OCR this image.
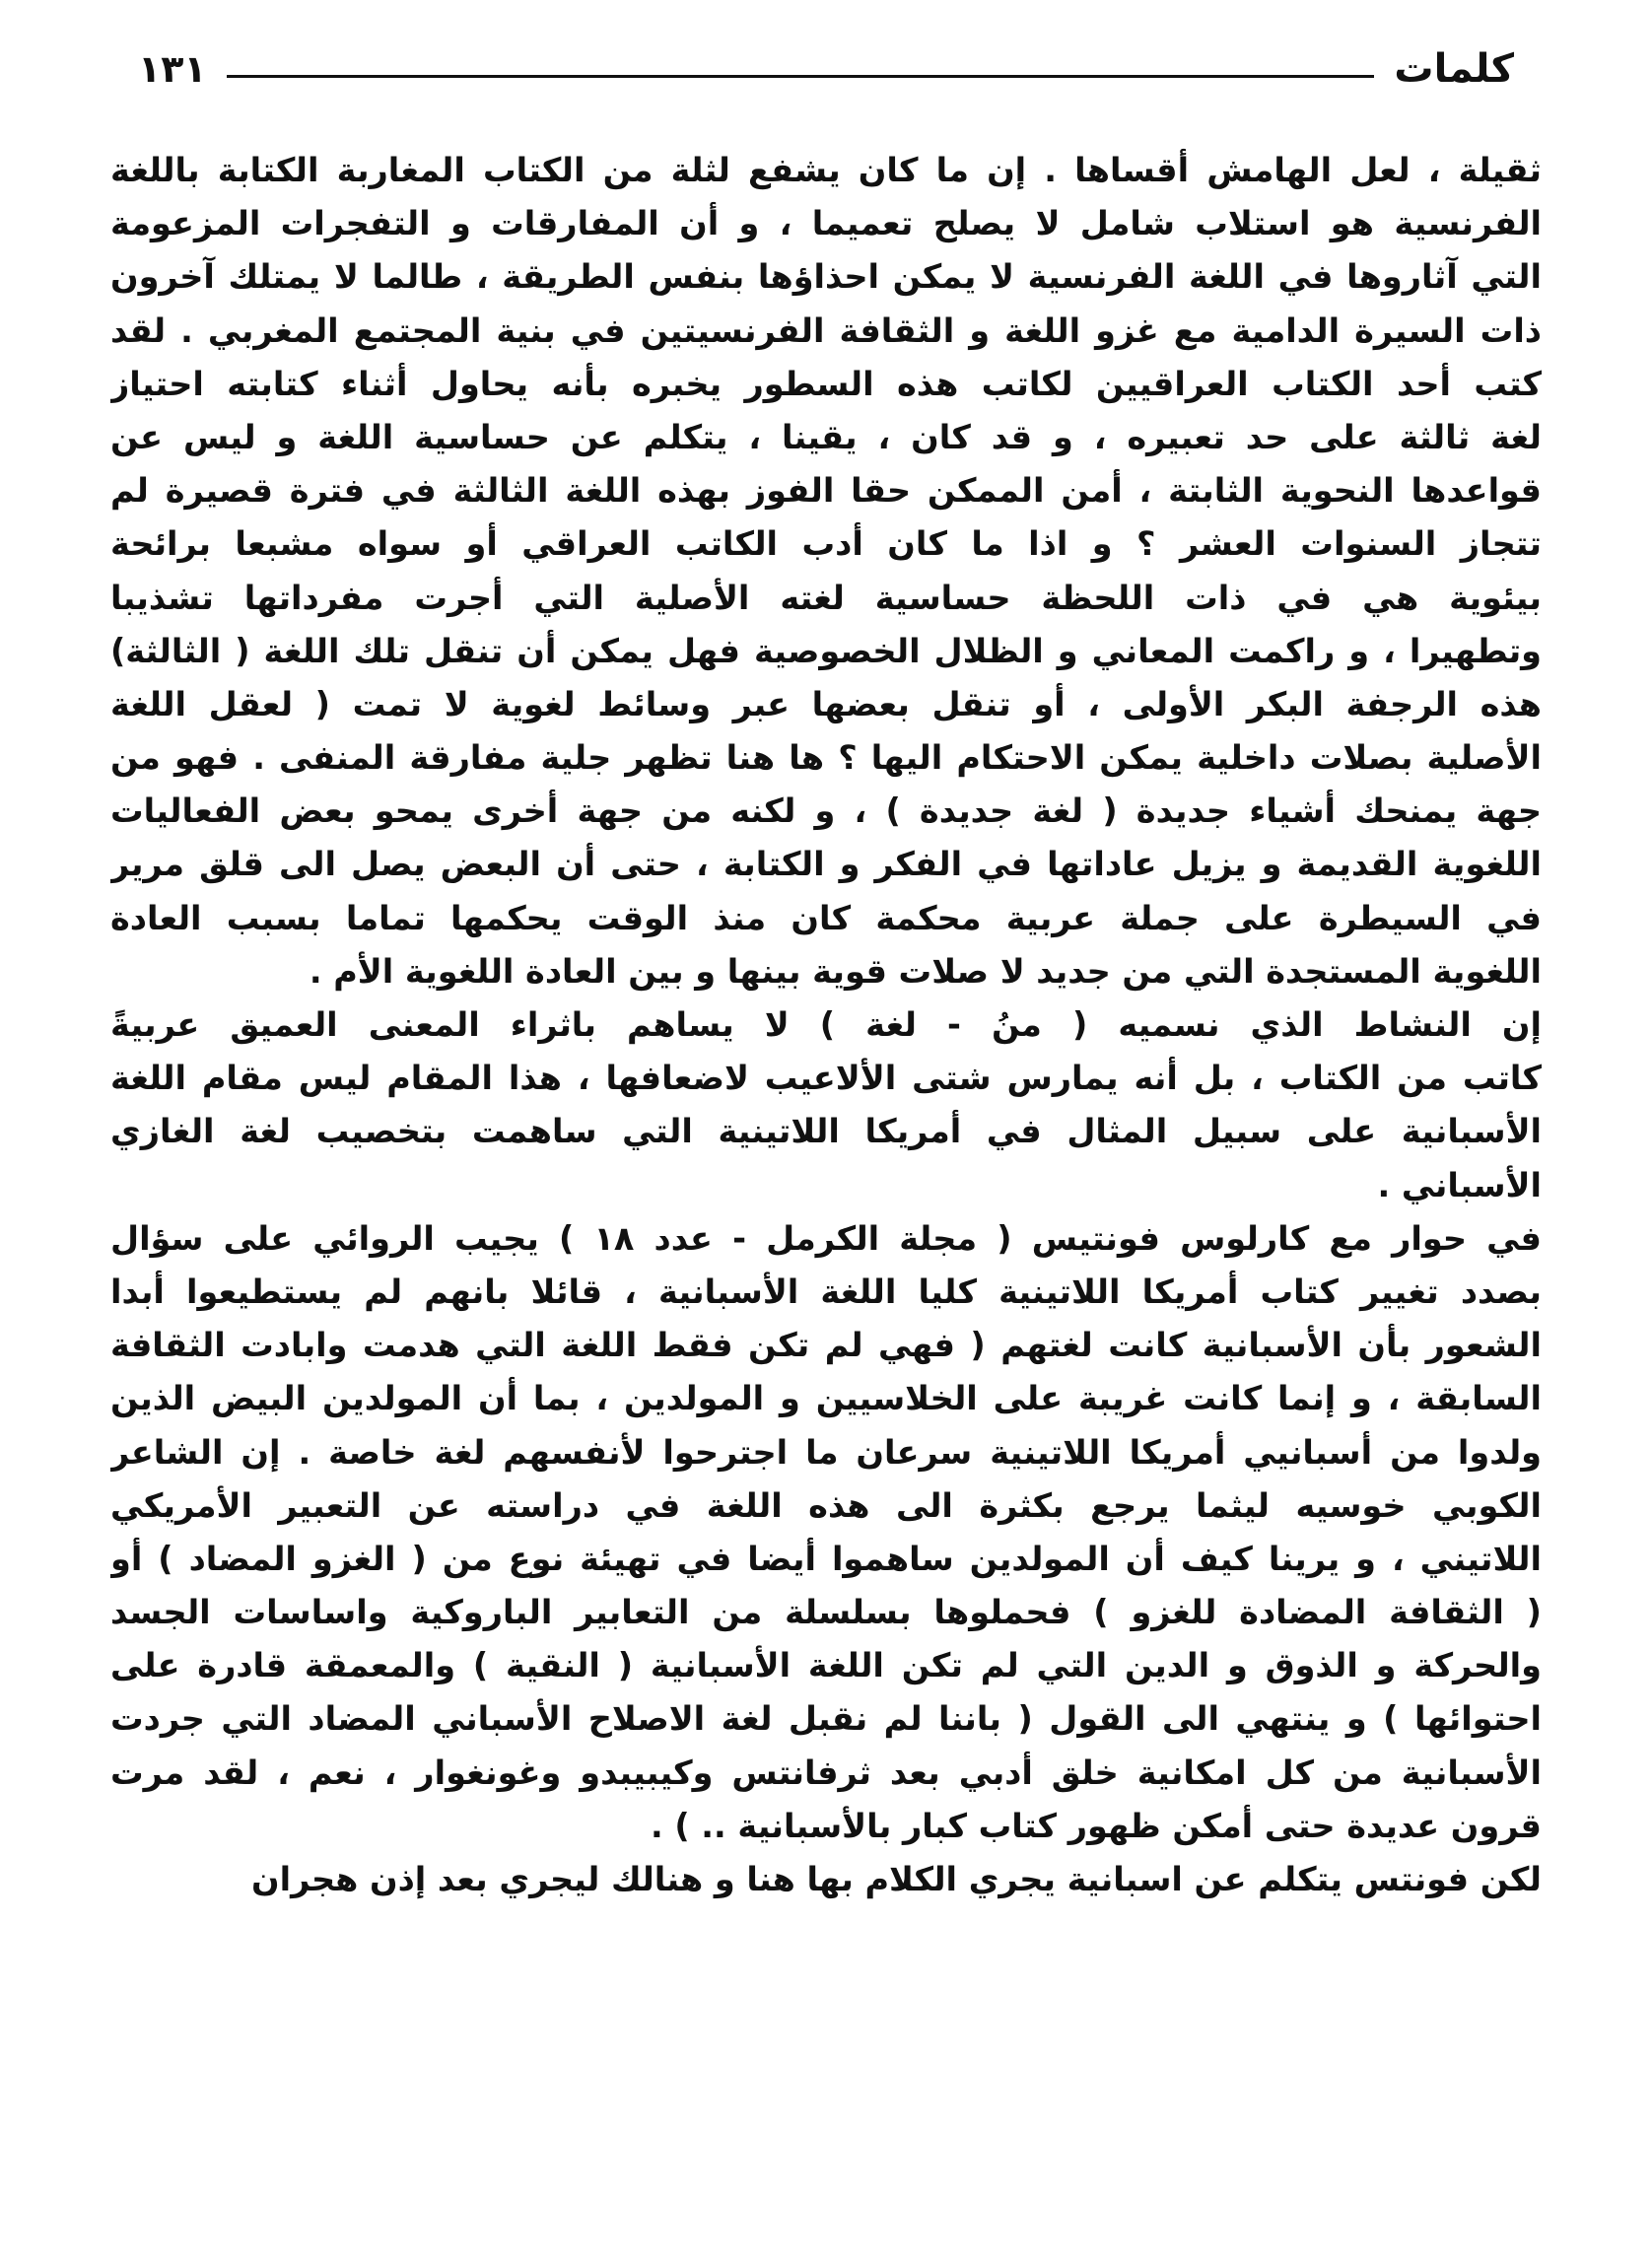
كلمات
١٣١
ثقيلة ، لعل الهامش أقساها . إن ما كان يشفع لثلة من الكتاب المغاربة الكتابة باللغة
الفرنسية هو استلاب شامل لا يصلح تعميما ، و أن المفارقات و التفجرات المزعومة
التي آثاروها في اللغة الفرنسية لا يمكن احذاؤها بنفس الطريقة ، طالما لا يمتلك آخرون
ذات السيرة الدامية مع غزو اللغة و الثقافة الفرنسيتين في بنية المجتمع المغربي . لقد
كتب أحد الكتاب العراقيين لكاتب هذه السطور يخبره بأنه يحاول أثناء كتابته احتياز
لغة ثالثة على حد تعبيره ، و قد كان ، يقينا ، يتكلم عن حساسية اللغة و ليس عن
قواعدها النحوية الثابتة ، أمن الممكن حقا الفوز بهذه اللغة الثالثة في فترة قصيرة لم
تتجاز السنوات العشر ؟ و اذا ما كان أدب الكاتب العراقي أو سواه مشبعا برائحة
بيئوية هي في ذات اللحظة حساسية لغته الأصلية التي أجرت مفرداتها تشذيبا
وتطهيرا ، و راكمت المعاني و الظلال الخصوصية فهل يمكن أن تنقل تلك اللغة ( الثالثة)
هذه الرجفة البكر الأولى ، أو تنقل بعضها عبر وسائط لغوية لا تمت ( لعقل اللغة
الأصلية بصلات داخلية يمكن الاحتكام اليها ؟ ها هنا تظهر جلية مفارقة المنفى . فهو من
جهة يمنحك أشياء جديدة ( لغة جديدة ) ، و لكنه من جهة أخرى يمحو بعض الفعاليات
اللغوية القديمة و يزيل عاداتها في الفكر و الكتابة ، حتى أن البعض يصل الى قلق مرير
في السيطرة على جملة عربية محكمة كان منذ الوقت يحكمها تماما بسبب العادة
اللغوية المستجدة التي من جديد لا صلات قوية بينها و بين العادة اللغوية الأم .
إن النشاط الذي نسميه ( منُ - لغة ) لا يساهم باثراء المعنى العميق عربيةً
كاتب من الكتاب ، بل أنه يمارس شتى الألاعيب لاضعافها ، هذا المقام ليس مقام اللغة
الأسبانية على سبيل المثال في أمريكا اللاتينية التي ساهمت بتخصيب لغة الغازي
الأسباني .
في حوار مع كارلوس فونتيس ( مجلة الكرمل - عدد ١٨ ) يجيب الروائي على سؤال
بصدد تغيير كتاب أمريكا اللاتينية كليا اللغة الأسبانية ، قائلا بانهم لم يستطيعوا أبدا
الشعور بأن الأسبانية كانت لغتهم ( فهي لم تكن فقط اللغة التي هدمت وابادت الثقافة
السابقة ، و إنما كانت غريبة على الخلاسيين و المولدين ، بما أن المولدين البيض الذين
ولدوا من أسبانيي أمريكا اللاتينية سرعان ما اجترحوا لأنفسهم لغة خاصة . إن الشاعر
الكوبي خوسيه ليثما يرجع بكثرة الى هذه اللغة في دراسته عن التعبير الأمريكي
اللاتيني ، و يرينا كيف أن المولدين ساهموا أيضا في تهيئة نوع من ( الغزو المضاد ) أو
( الثقافة المضادة للغزو ) فحملوها بسلسلة من التعابير الباروكية واساسات الجسد
والحركة و الذوق و الدين التي لم تكن اللغة الأسبانية ( النقية ) والمعمقة قادرة على
احتوائها ) و ينتهي الى القول ( باننا لم نقبل لغة الاصلاح الأسباني المضاد التي جردت
الأسبانية من كل امكانية خلق أدبي بعد ثرفانتس وكيبيبدو وغونغوار ، نعم ، لقد مرت
قرون عديدة حتى أمكن ظهور كتاب كبار بالأسبانية .. ) .
لكن فونتس يتكلم عن اسبانية يجري الكلام بها هنا و هنالك ليجري بعد إذن هجران
